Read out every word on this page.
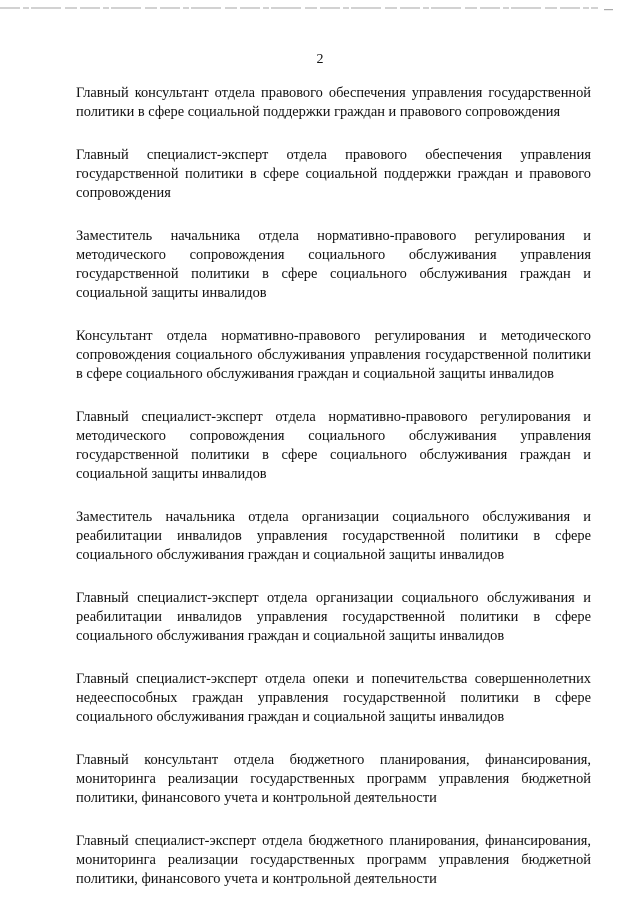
—
2

Главный консультант отдела правового обеспечения управления государственной политики в сфере социальной поддержки граждан и правового сопровождения

Главный специалист-эксперт отдела правового обеспечения управления государственной политики в сфере социальной поддержки граждан и правового сопровождения

Заместитель начальника отдела нормативно-правового регулирования и методического сопровождения социального обслуживания управления государственной политики в сфере социального обслуживания граждан и социальной защиты инвалидов

Консультант отдела нормативно-правового регулирования и методического сопровождения социального обслуживания управления государственной политики в сфере социального обслуживания граждан и социальной защиты инвалидов

Главный специалист-эксперт отдела нормативно-правового регулирования и методического сопровождения социального обслуживания управления государственной политики в сфере социального обслуживания граждан и социальной защиты инвалидов

Заместитель начальника отдела организации социального обслуживания и реабилитации инвалидов управления государственной политики в сфере социального обслуживания граждан и социальной защиты инвалидов

Главный специалист-эксперт отдела организации социального обслуживания и реабилитации инвалидов управления государственной политики в сфере социального обслуживания граждан и социальной защиты инвалидов

Главный специалист-эксперт отдела опеки и попечительства совершеннолетних недееспособных граждан управления государственной политики в сфере социального обслуживания граждан и социальной защиты инвалидов

Главный консультант отдела бюджетного планирования, финансирования, мониторинга реализации государственных программ управления бюджетной политики, финансового учета и контрольной деятельности

Главный специалист-эксперт отдела бюджетного планирования, финансирования, мониторинга реализации государственных программ управления бюджетной политики, финансового учета и контрольной деятельности
